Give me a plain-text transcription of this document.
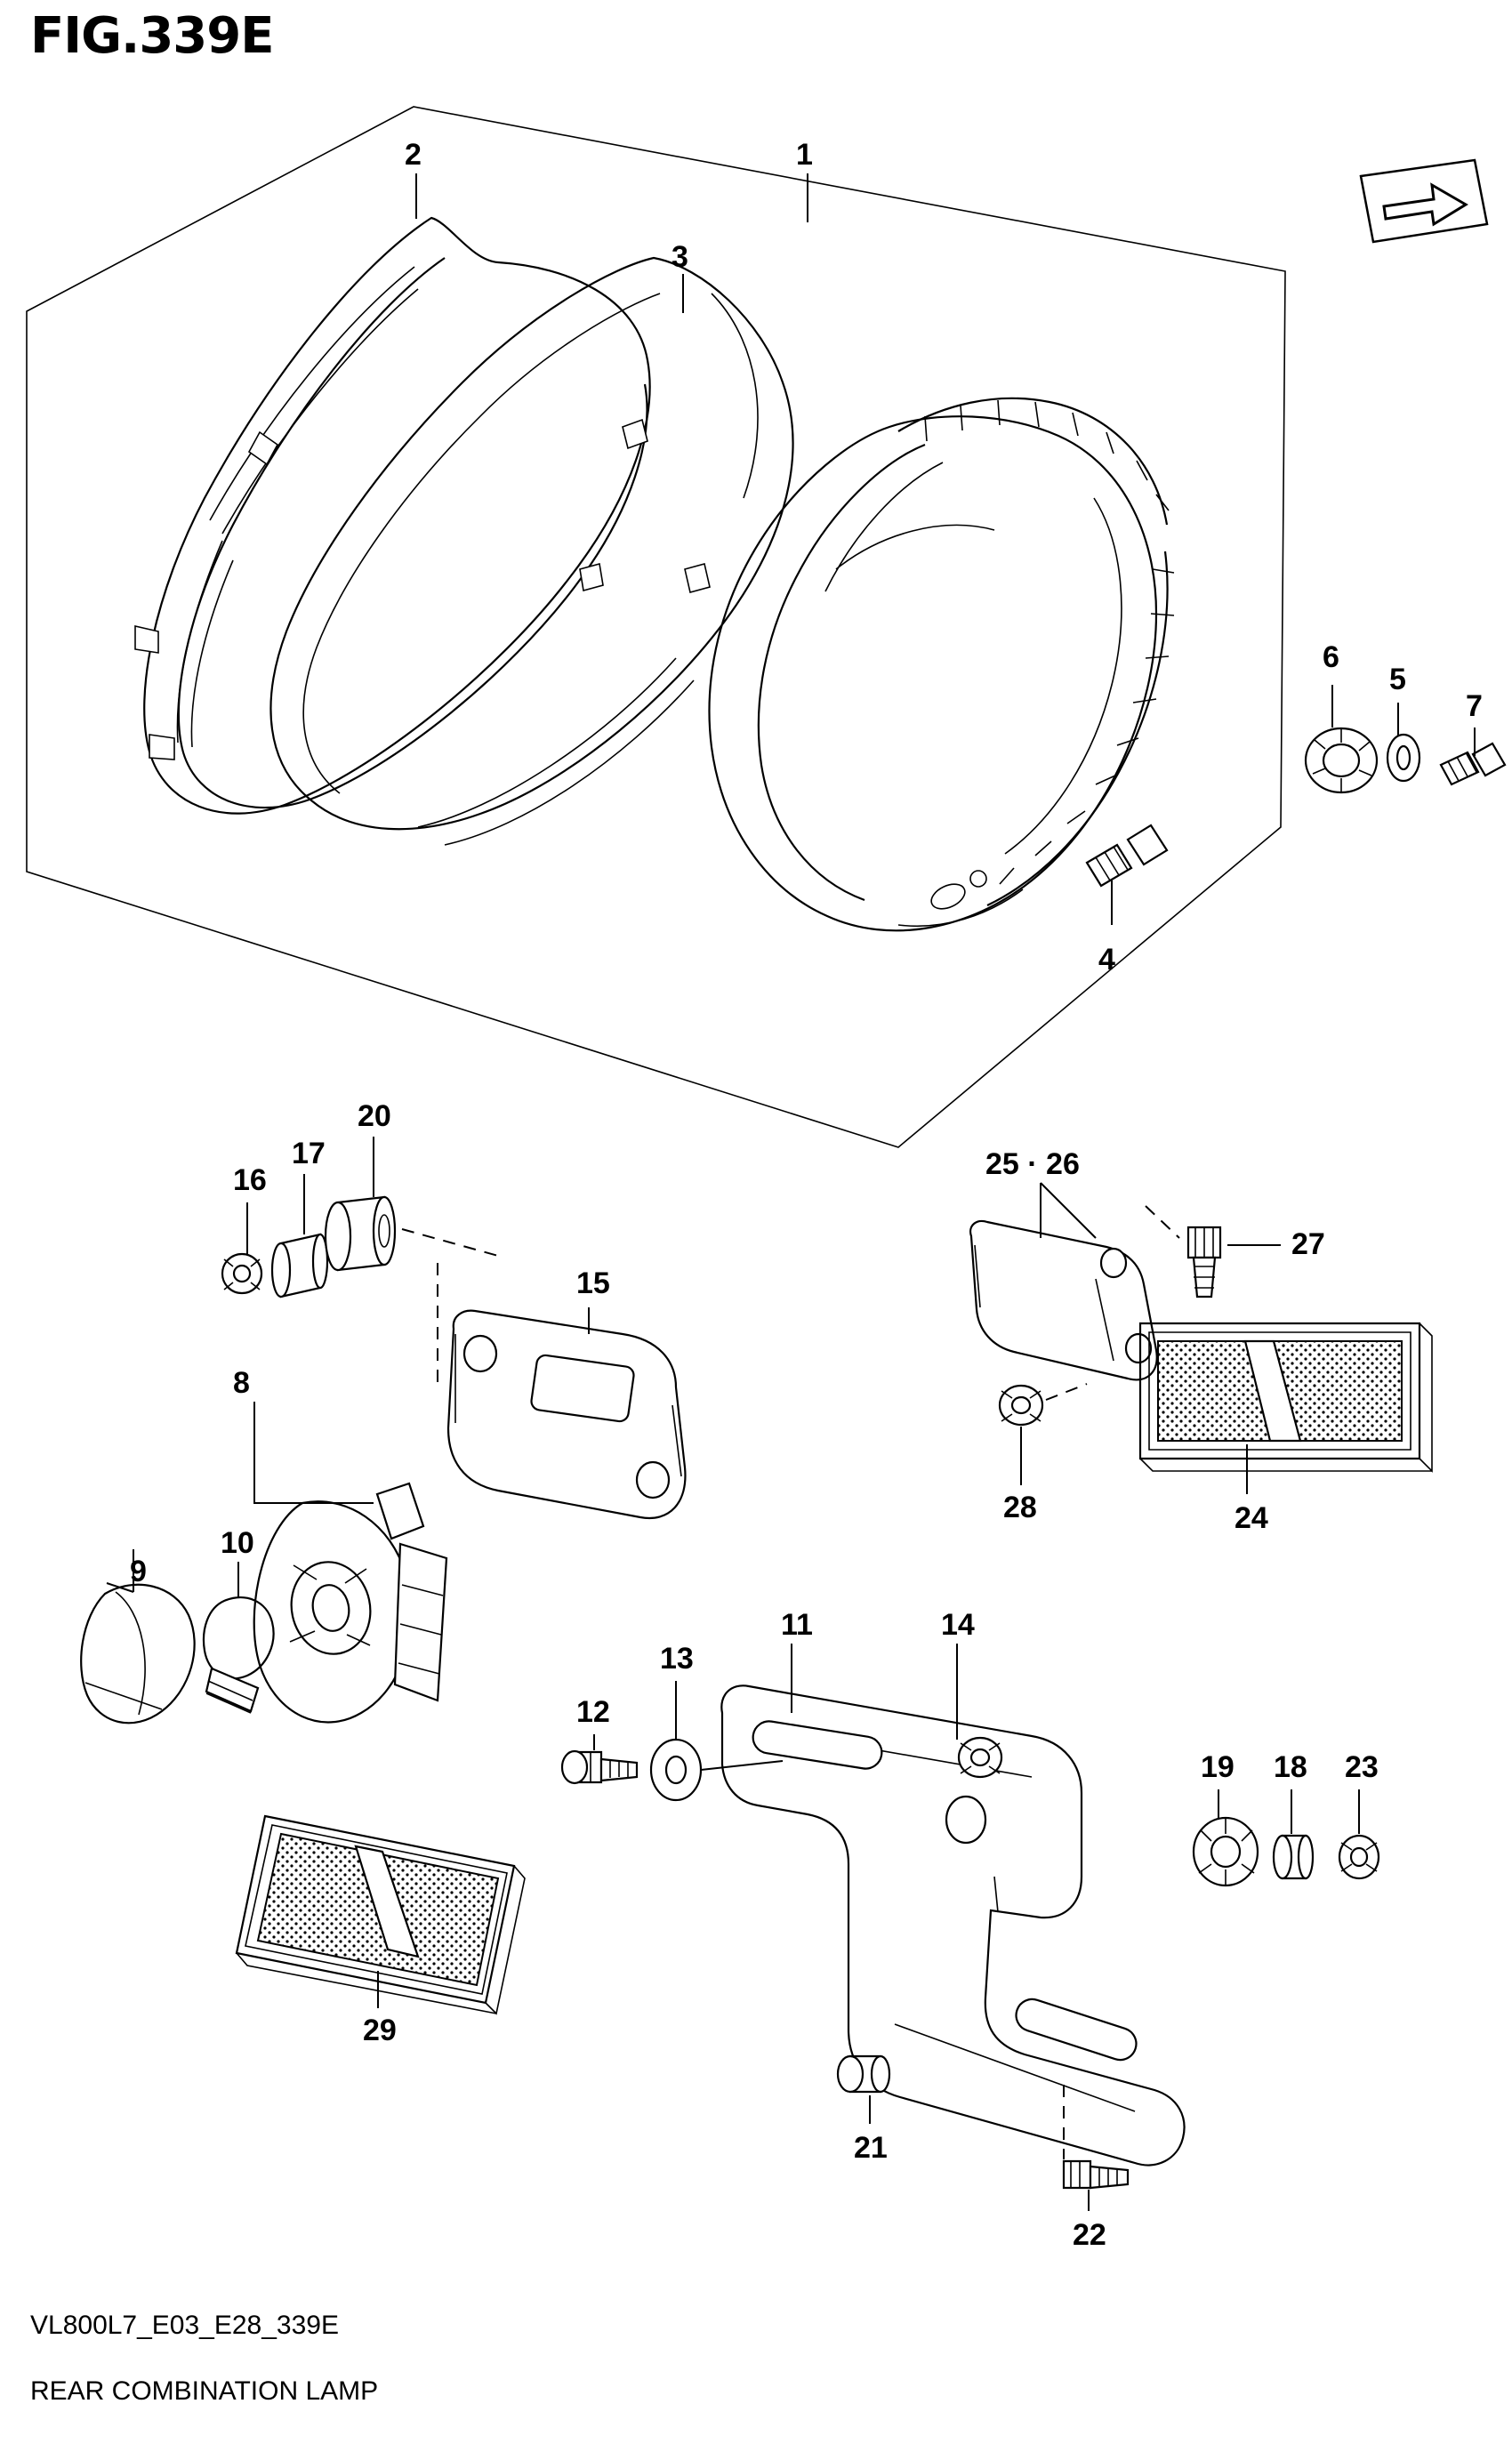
FIG.339E
1
2
3
4
5
6
7
8
9
10
11
12
13
14
15
16
17
18
19
20
21
22
23
24
25 · 26
27
28
29
VL800L7_E03_E28_339E
REAR COMBINATION LAMP
